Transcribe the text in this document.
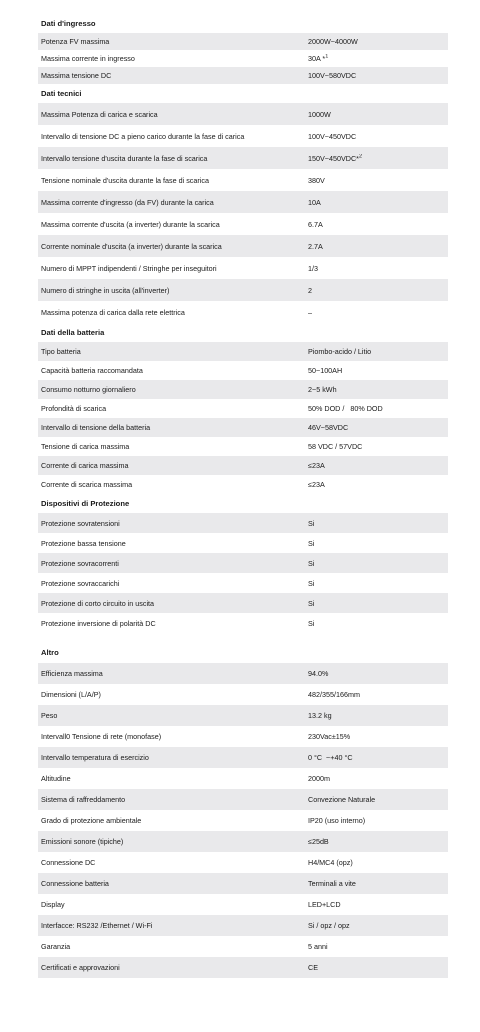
Dati d'ingresso
Potenza FV massima	2000W~4000W
Massima corrente in ingresso	30A *$^1$
Massima tensione DC	100V~580VDC
Dati tecnici
Massima Potenza di carica e scarica	1000W
Intervallo di tensione DC a pieno carico durante la fase di carica	100V~450VDC
Intervallo tensione d'uscita durante la fase di scarica	150V~450VDC*$^2$
Tensione nominale d'uscita durante la fase di scarica	380V
Massima corrente d'ingresso (da FV) durante la carica	10A
Massima corrente d'uscita (a inverter) durante la scarica	6.7A
Corrente nominale d'uscita (a inverter) durante la scarica	2.7A
Numero di MPPT indipendenti / Stringhe per inseguitori	1/3
Numero di stringhe in uscita (all'inverter)	2
Massima potenza di carica dalla rete elettrica	–
Dati della batteria
Tipo batteria	Piombo-acido / Litio
Capacità batteria raccomandata	50~100AH
Consumo notturno giornaliero	2~5 kWh
Profondità di scarica	50% DOD /   80% DOD
Intervallo di tensione della batteria	46V~58VDC
Tensione di carica massima	58 VDC / 57VDC
Corrente di carica massima	≤23A
Corrente di scarica massima	≤23A
Dispositivi di Protezione
Protezione sovratensioni	Si
Protezione bassa tensione	Si
Protezione sovracorrenti	Si
Protezione sovraccarichi	Si
Protezione di corto circuito in uscita	Si
Protezione inversione di polarità DC	Si
Altro
Efficienza massima	94.0%
Dimensioni (L/A/P)	482/355/166mm
Peso	13.2 kg
Intervall0 Tensione di rete (monofase)	230Vac±15%
Intervallo temperatura di esercizio	0 °C  ~+40 °C
Altitudine	2000m
Sistema di raffreddamento	Convezione Naturale
Grado di protezione ambientale	IP20 (uso interno)
Emissioni sonore (tipiche)	≤25dB
Connessione DC	H4/MC4 (opz)
Connessione batteria	Terminali a vite
Display	LED+LCD
Interfacce: RS232 /Ethernet / Wi-Fi	Si / opz / opz
Garanzia	5 anni
Certificati e approvazioni	CE
